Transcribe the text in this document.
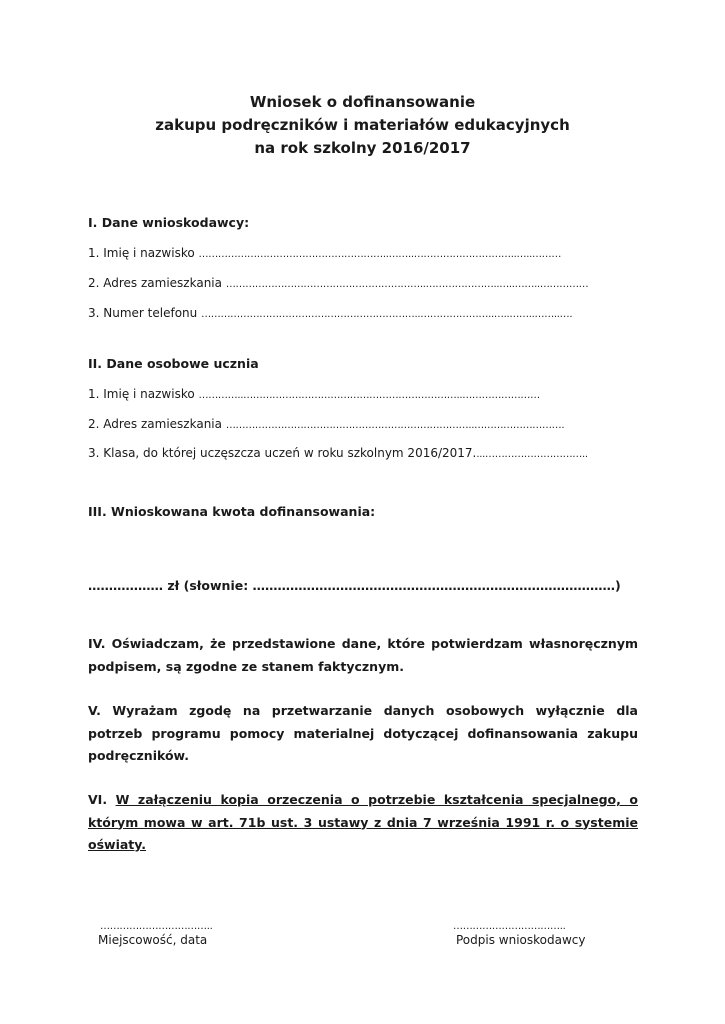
Wniosek o dofinansowanie
zakupu podręczników i materiałów edukacyjnych
na rok szkolny 2016/2017
I. Dane wnioskodawcy:
1. Imię i nazwisko …………………………………………………..……..…………………………..…..………
2. Adres zamieszkania ……………………………………………………..…………………..…..……..……………
3. Numer telefonu …………………………………………………………..…………………..…..……..……..….
II. Dane osobowe ucznia
1. Imię i nazwisko …………..…………………………………………………………..……………………
2. Adres zamieszkania …………………………………………………………………..……………………….
3. Klasa, do której uczęszcza uczeń w roku szkolnym 2016/2017....…………………………..
III. Wnioskowana kwota dofinansowania:
……………… zł (słownie: ……………………………………………………………………………)
IV. Oświadczam, że przedstawione dane, które potwierdzam własnoręcznym podpisem, są zgodne ze stanem faktycznym.
V. Wyrażam zgodę na przetwarzanie danych osobowych wyłącznie dla potrzeb programu pomocy materialnej dotyczącej dofinansowania zakupu podręczników.
VI. W załączeniu kopia orzeczenia o potrzebie kształcenia specjalnego, o którym mowa w art. 71b ust. 3 ustawy z dnia 7 września 1991 r. o systemie oświaty.
……………………………..
Miejscowość, data
……………………………..
Podpis wnioskodawcy
